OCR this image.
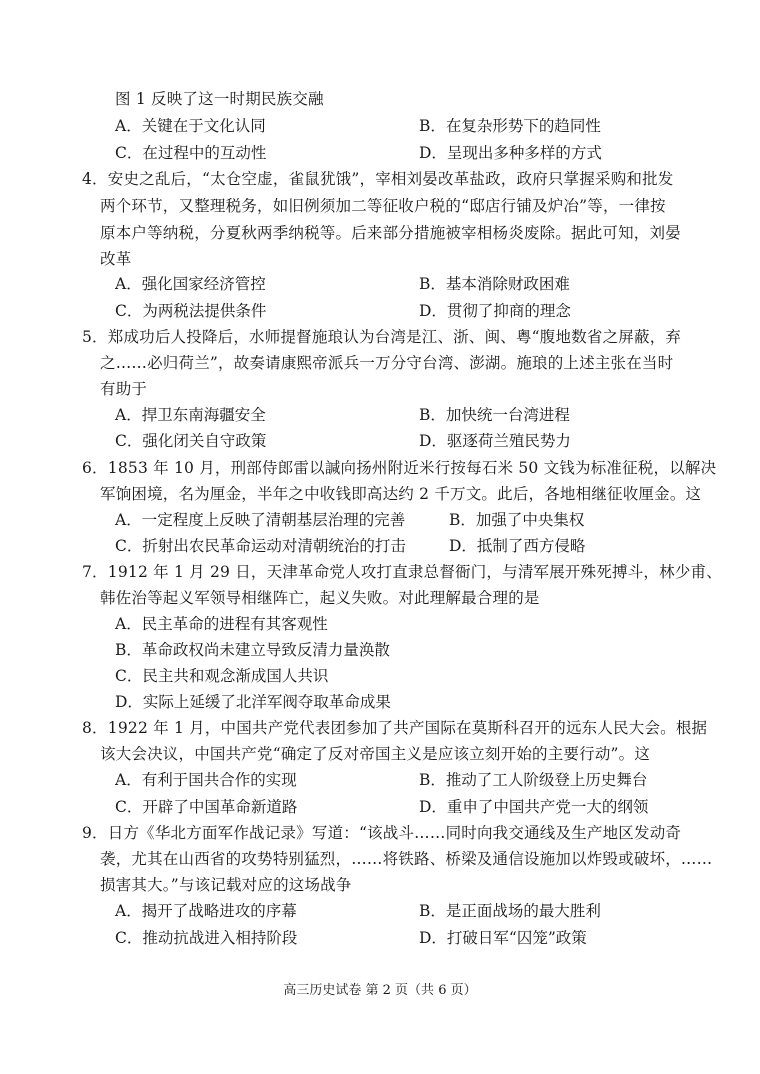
图 1 反映了这一时期民族交融
A．关键在于文化认同	B．在复杂形势下的趋同性
C．在过程中的互动性	D．呈现出多种多样的方式
4．安史之乱后，“太仓空虚，雀鼠犹饿”，宰相刘晏改革盐政，政府只掌握采购和批发
两个环节，又整理税务，如旧例须加二等征收户税的“邸店行铺及炉冶”等，一律按
原本户等纳税，分夏秋两季纳税等。后来部分措施被宰相杨炎废除。据此可知，刘晏
改革
A．强化国家经济管控	B．基本消除财政困难
C．为两税法提供条件	D．贯彻了抑商的理念
5．郑成功后人投降后，水师提督施琅认为台湾是江、浙、闽、粤“腹地数省之屏蔽，弃
之……必归荷兰”，故奏请康熙帝派兵一万分守台湾、澎湖。施琅的上述主张在当时
有助于
A．捍卫东南海疆安全	B．加快统一台湾进程
C．强化闭关自守政策	D．驱逐荷兰殖民势力
6．1853 年 10 月，刑部侍郎雷以諴向扬州附近米行按每石米 50 文钱为标准征税，以解决
军饷困境，名为厘金，半年之中收钱即高达约 2 千万文。此后，各地相继征收厘金。这
A．一定程度上反映了清朝基层治理的完善	B．加强了中央集权
C．折射出农民革命运动对清朝统治的打击	D．抵制了西方侵略
7．1912 年 1 月 29 日，天津革命党人攻打直隶总督衙门，与清军展开殊死搏斗，林少甫、
韩佐治等起义军领导相继阵亡，起义失败。对此理解最合理的是
A．民主革命的进程有其客观性
B．革命政权尚未建立导致反清力量涣散
C．民主共和观念渐成国人共识
D．实际上延缓了北洋军阀夺取革命成果
8．1922 年 1 月，中国共产党代表团参加了共产国际在莫斯科召开的远东人民大会。根据
该大会决议，中国共产党“确定了反对帝国主义是应该立刻开始的主要行动”。这
A．有利于国共合作的实现	B．推动了工人阶级登上历史舞台
C．开辟了中国革命新道路	D．重申了中国共产党一大的纲领
9．日方《华北方面军作战记录》写道：“该战斗……同时向我交通线及生产地区发动奇
袭，尤其在山西省的攻势特别猛烈，……将铁路、桥梁及通信设施加以炸毁或破坏，……
损害其大。”与该记载对应的这场战争
A．揭开了战略进攻的序幕	B．是正面战场的最大胜利
C．推动抗战进入相持阶段	D．打破日军“囚笼”政策
高三历史试卷 第 2 页（共 6 页）
